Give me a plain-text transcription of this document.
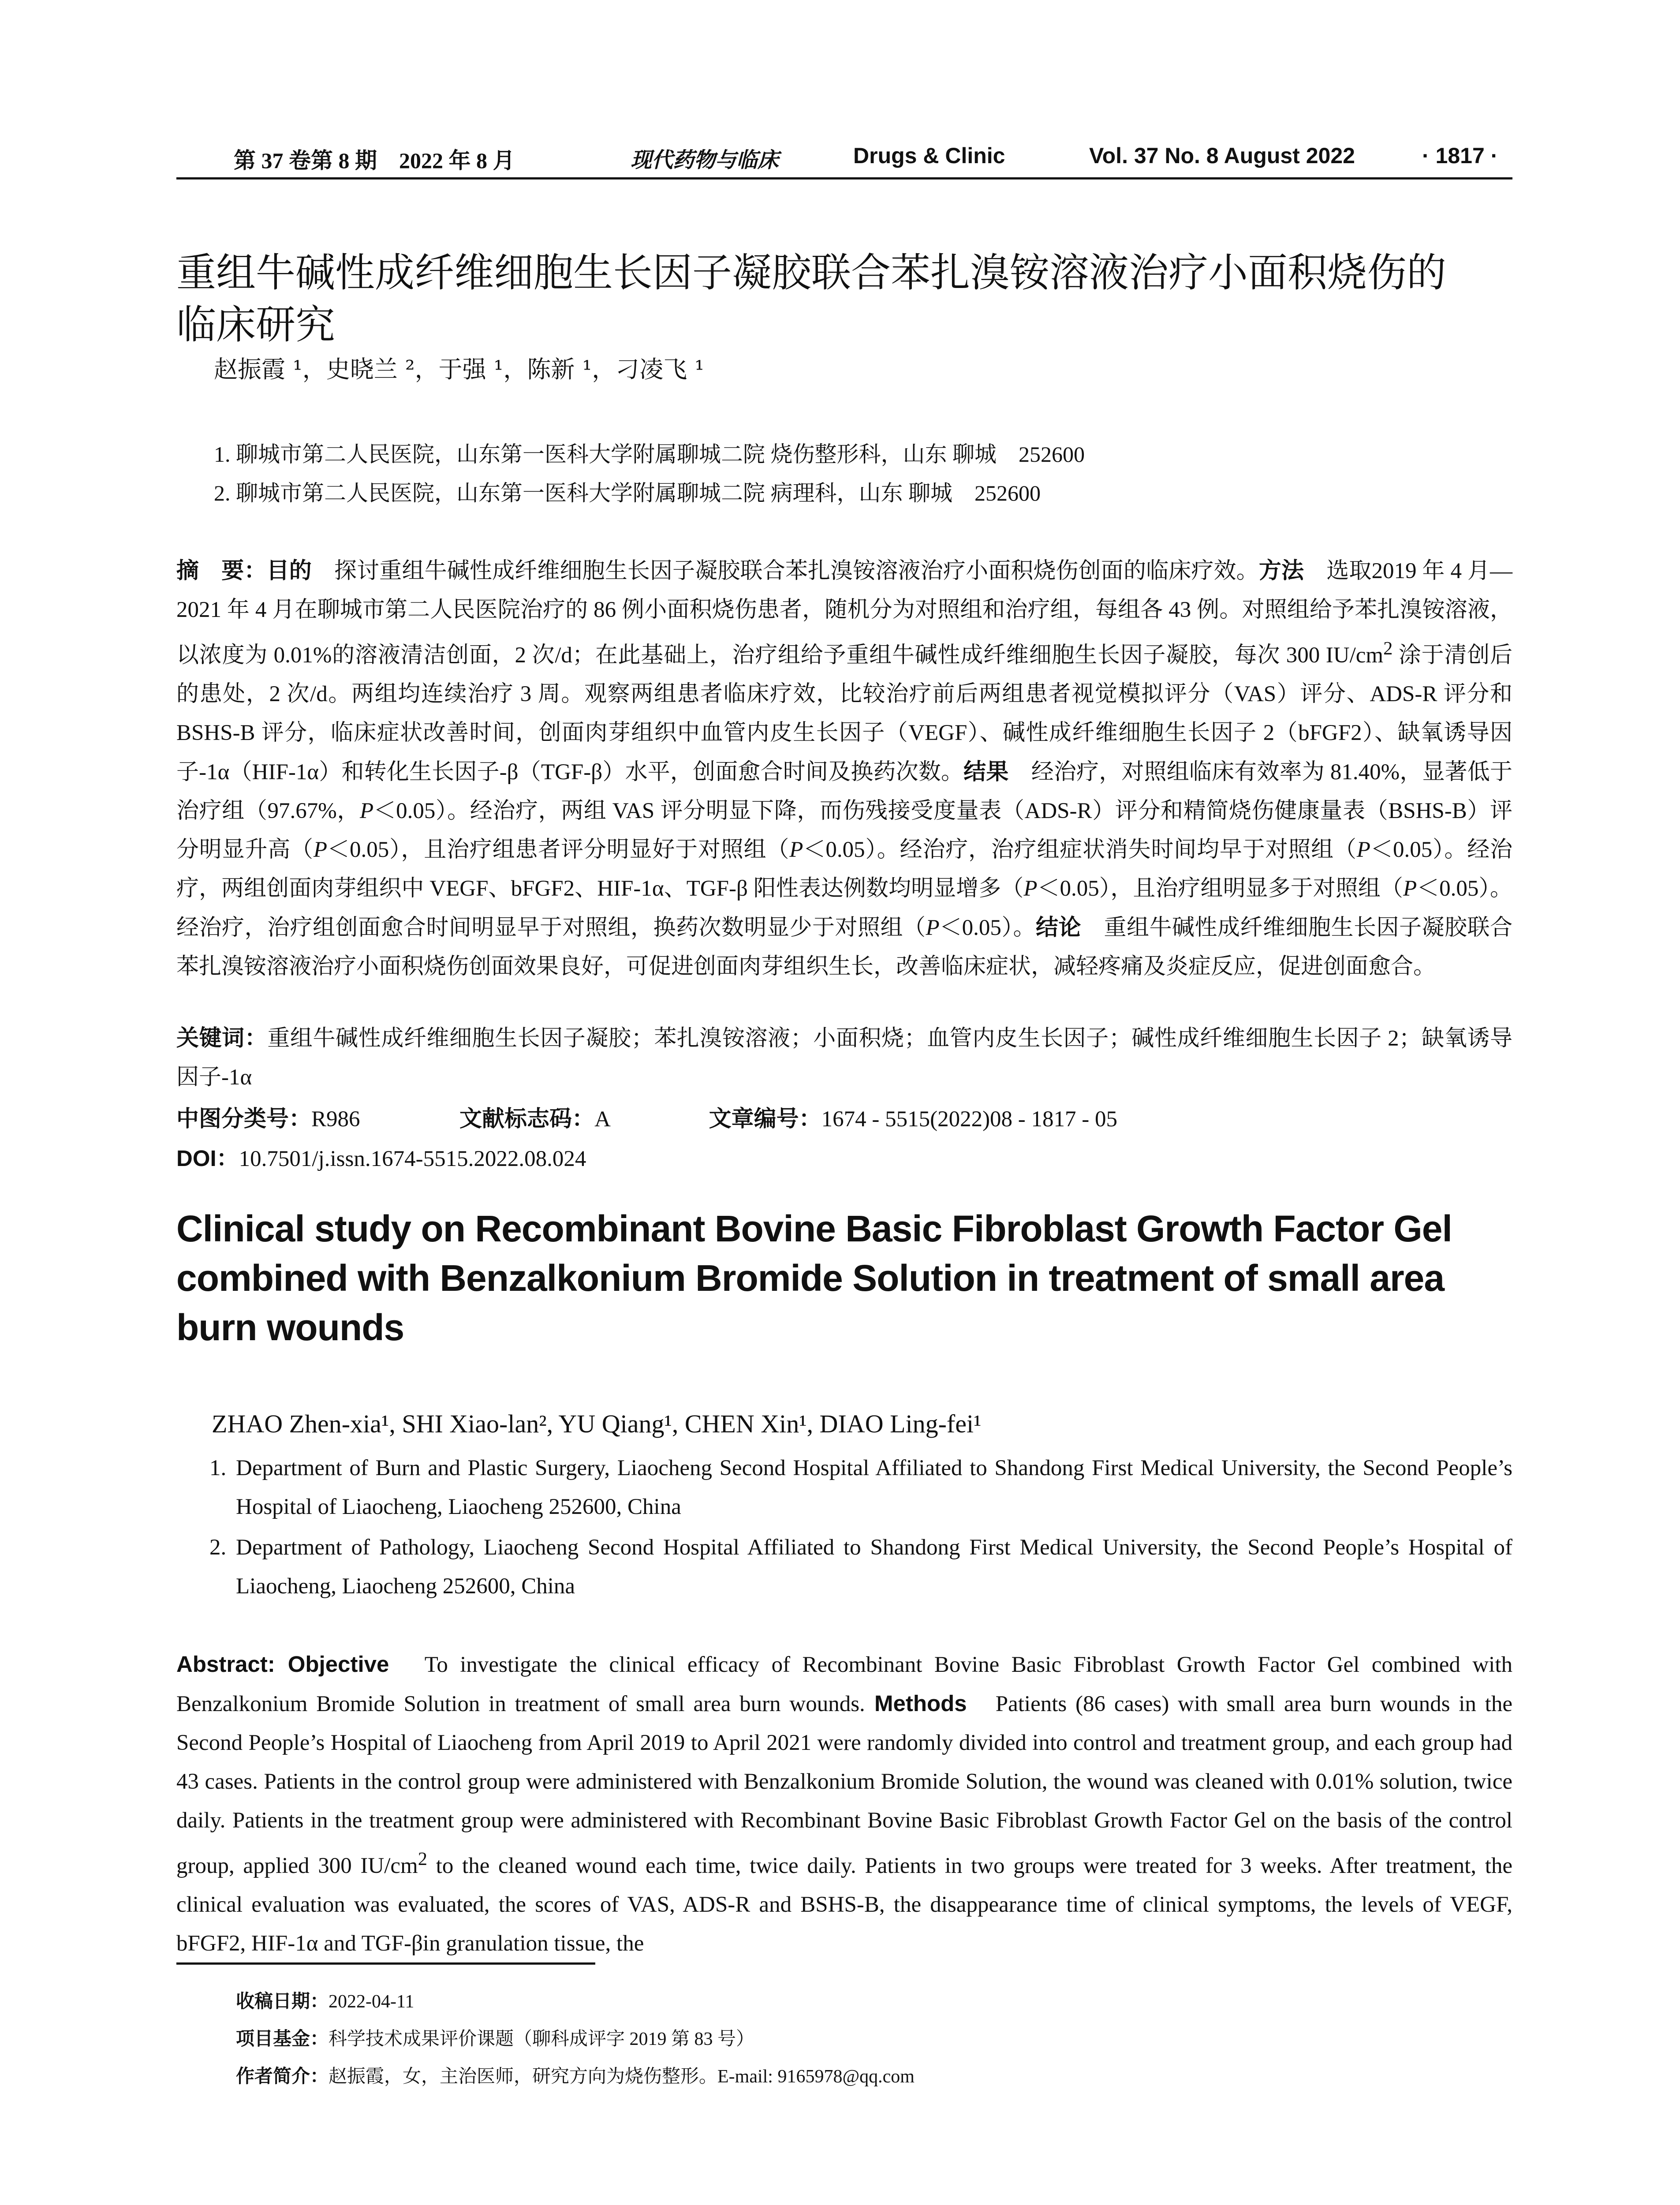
第 37 卷第 8 期　2022 年 8 月	现代药物与临床	Drugs & Clinic	Vol. 37 No. 8 August 2022	· 1817 ·
重组牛碱性成纤维细胞生长因子凝胶联合苯扎溴铵溶液治疗小面积烧伤的
临床研究
赵振霞 ¹，史晓兰 ²，于强 ¹，陈新 ¹，刁凌飞 ¹
1. 聊城市第二人民医院，山东第一医科大学附属聊城二院 烧伤整形科，山东 聊城　252600
2. 聊城市第二人民医院，山东第一医科大学附属聊城二院 病理科，山东 聊城　252600
摘　要：目的　探讨重组牛碱性成纤维细胞生长因子凝胶联合苯扎溴铵溶液治疗小面积烧伤创面的临床疗效。方法　选取2019 年 4 月—2021 年 4 月在聊城市第二人民医院治疗的 86 例小面积烧伤患者，随机分为对照组和治疗组，每组各 43 例。对照组给予苯扎溴铵溶液，以浓度为 0.01%的溶液清洁创面，2 次/d；在此基础上，治疗组给予重组牛碱性成纤维细胞生长因子凝胶，每次 300 $IU/cm^2$ 涂于清创后的患处，2 次/d。两组均连续治疗 3 周。观察两组患者临床疗效，比较治疗前后两组患者视觉模拟评分（VAS）评分、ADS-R 评分和 BSHS-B 评分，临床症状改善时间，创面肉芽组织中血管内皮生长因子（VEGF）、碱性成纤维细胞生长因子 2（bFGF2）、缺氧诱导因子-1α（HIF-1α）和转化生长因子-β（TGF-β）水平，创面愈合时间及换药次数。结果　经治疗，对照组临床有效率为 81.40%，显著低于治疗组（97.67%，P＜0.05）。经治疗，两组 VAS 评分明显下降，而伤残接受度量表（ADS-R）评分和精简烧伤健康量表（BSHS-B）评分明显升高（P＜0.05），且治疗组患者评分明显好于对照组（P＜0.05）。经治疗，治疗组症状消失时间均早于对照组（P＜0.05）。经治疗，两组创面肉芽组织中 VEGF、bFGF2、HIF-1α、TGF-β 阳性表达例数均明显增多（P＜0.05），且治疗组明显多于对照组（P＜0.05）。经治疗，治疗组创面愈合时间明显早于对照组，换药次数明显少于对照组（P＜0.05）。结论　重组牛碱性成纤维细胞生长因子凝胶联合苯扎溴铵溶液治疗小面积烧伤创面效果良好，可促进创面肉芽组织生长，改善临床症状，减轻疼痛及炎症反应，促进创面愈合。
关键词：重组牛碱性成纤维细胞生长因子凝胶；苯扎溴铵溶液；小面积烧；血管内皮生长因子；碱性成纤维细胞生长因子 2；缺氧诱导因子-1α
中图分类号：R986	文献标志码：A	文章编号：1674 - 5515(2022)08 - 1817 - 05
DOI：10.7501/j.issn.1674-5515.2022.08.024
Clinical study on Recombinant Bovine Basic Fibroblast Growth Factor Gel combined with Benzalkonium Bromide Solution in treatment of small area burn wounds
ZHAO Zhen-xia¹, SHI Xiao-lan², YU Qiang¹, CHEN Xin¹, DIAO Ling-fei¹
1. Department of Burn and Plastic Surgery, Liaocheng Second Hospital Affiliated to Shandong First Medical University, the Second People’s Hospital of Liaocheng, Liaocheng 252600, China
2. Department of Pathology, Liaocheng Second Hospital Affiliated to Shandong First Medical University, the Second People’s Hospital of Liaocheng, Liaocheng 252600, China
Abstract: Objective　To investigate the clinical efficacy of Recombinant Bovine Basic Fibroblast Growth Factor Gel combined with Benzalkonium Bromide Solution in treatment of small area burn wounds. Methods　Patients (86 cases) with small area burn wounds in the Second People’s Hospital of Liaocheng from April 2019 to April 2021 were randomly divided into control and treatment group, and each group had 43 cases. Patients in the control group were administered with Benzalkonium Bromide Solution, the wound was cleaned with 0.01% solution, twice daily. Patients in the treatment group were administered with Recombinant Bovine Basic Fibroblast Growth Factor Gel on the basis of the control group, applied 300 $IU/cm^2$ to the cleaned wound each time, twice daily. Patients in two groups were treated for 3 weeks. After treatment, the clinical evaluation was evaluated, the scores of VAS, ADS-R and BSHS-B, the disappearance time of clinical symptoms, the levels of VEGF, bFGF2, HIF-1α and TGF-βin granulation tissue, the
收稿日期：2022-04-11
项目基金：科学技术成果评价课题（聊科成评字 2019 第 83 号）
作者简介：赵振霞，女，主治医师，研究方向为烧伤整形。E-mail: 9165978@qq.com
